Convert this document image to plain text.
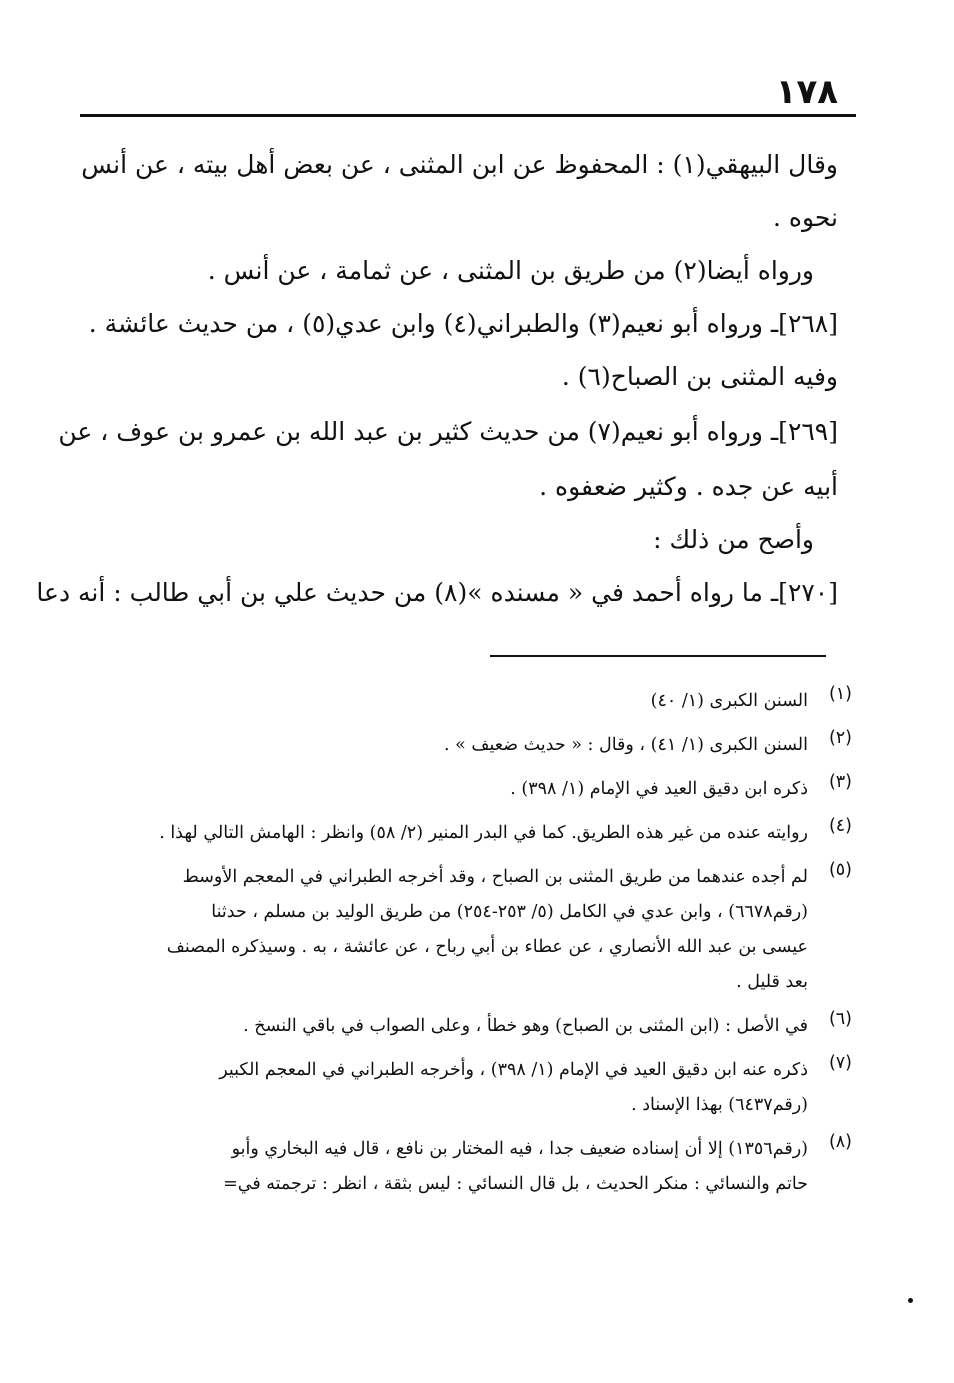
١٧٨

وقال البيهقي(١) : المحفوظ عن ابن المثنى ، عن بعض أهل بيته ، عن أنس

نحوه .

ورواه أيضا(٢) من طريق بن المثنى ، عن ثمامة ، عن أنس .

[٢٦٨]ـ ورواه أبو نعيم(٣) والطبراني(٤) وابن عدي(٥) ، من حديث عائشة .

وفيه المثنى بن الصباح(٦) .

[٢٦٩]ـ ورواه أبو نعيم(٧) من حديث كثير بن عبد الله بن عمرو بن عوف ، عن

أبيه عن جده . وكثير ضعفوه .

وأصح من ذلك :

[٢٧٠]ـ ما رواه أحمد في « مسنده »(٨) من حديث علي بن أبي طالب : أنه دعا

(١)
السنن الكبرى (١/ ٤٠)
(٢)
السنن الكبرى (١/ ٤١) ، وقال : « حديث ضعيف » .
(٣)
ذكره ابن دقيق العيد في الإمام (١/ ٣٩٨) .
(٤)
روايته عنده من غير هذه الطريق. كما في البدر المنير (٢/ ٥٨) وانظر : الهامش التالي لهذا .
(٥)
لم أجده عندهما من طريق المثنى بن الصباح ، وقد أخرجه الطبراني في المعجم الأوسط
(رقم٦٦٧٨) ، وابن عدي في الكامل (٥/ ٢٥٣-٢٥٤) من طريق الوليد بن مسلم ، حدثنا
عيسى بن عبد الله الأنصاري ، عن عطاء بن أبي رباح ، عن عائشة ، به . وسيذكره المصنف
بعد قليل .
(٦)
في الأصل : (ابن المثنى بن الصباح) وهو خطأ ، وعلى الصواب في باقي النسخ .
(٧)
ذكره عنه ابن دقيق العيد في الإمام (١/ ٣٩٨) ، وأخرجه الطبراني في المعجم الكبير
(رقم٦٤٣٧) بهذا الإسناد .
(٨)
(رقم١٣٥٦) إلا أن إسناده ضعيف جدا ، فيه المختار بن نافع ، قال فيه البخاري وأبو
حاتم والنسائي : منكر الحديث ، بل قال النسائي : ليس بثقة ، انظر : ترجمته في=
